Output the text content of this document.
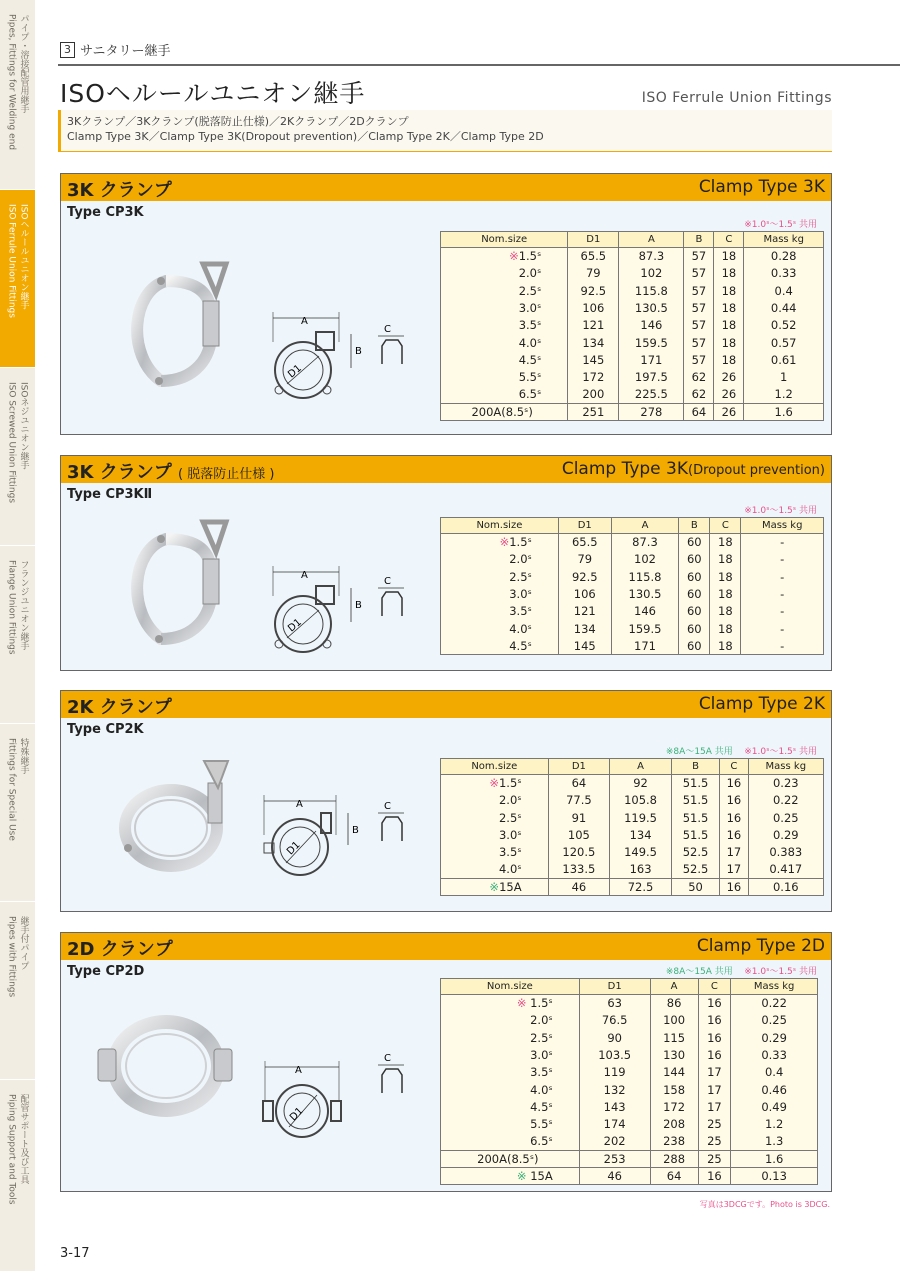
パイプ・溶接配管用継手
Pipes, Fittings for Welding end
ISOヘルールユニオン継手
ISO Ferrule Union Fittings
ISOネジユニオン継手
ISO Screwed Union Fittings
フランジユニオン継手
Flange Union Fittings
特殊継手
Fittings for Special Use
継手付パイプ
Pipes with Fittings
配管サポート及び工具
Piping Support and Tools
3 サニタリー継手
ISOヘルールユニオン継手	ISO Ferrule Union Fittings
3Kクランプ／3Kクランプ(脱落防止仕様)／2Kクランプ／2Dクランプ
Clamp Type 3K／Clamp Type 3K(Dropout prevention)／Clamp Type 2K／Clamp Type 2D
3K クランプ	Clamp Type 3K
Type CP3K
※1.0ˢ〜1.5ˢ 共用
A
D1
B
C
Nom.size	D1	A	B	C	Mass kg
※1.5ˢ	65.5	87.3	57	18	0.28
2.0ˢ	79	102	57	18	0.33
2.5ˢ	92.5	115.8	57	18	0.4
3.0ˢ	106	130.5	57	18	0.44
3.5ˢ	121	146	57	18	0.52
4.0ˢ	134	159.5	57	18	0.57
4.5ˢ	145	171	57	18	0.61
5.5ˢ	172	197.5	62	26	1
6.5ˢ	200	225.5	62	26	1.2
200A(8.5ˢ)	251	278	64	26	1.6
3K クランプ ( 脱落防止仕様 )	Clamp Type 3K(Dropout prevention)
Type CP3KⅡ
※1.0ˢ〜1.5ˢ 共用
A
D1
B
C
Nom.size	D1	A	B	C	Mass kg
※1.5ˢ	65.5	87.3	60	18	-
2.0ˢ	79	102	60	18	-
2.5ˢ	92.5	115.8	60	18	-
3.0ˢ	106	130.5	60	18	-
3.5ˢ	121	146	60	18	-
4.0ˢ	134	159.5	60	18	-
4.5ˢ	145	171	60	18	-
2K クランプ	Clamp Type 2K
Type CP2K
※8A〜15A 共用 ※1.0ˢ〜1.5ˢ 共用
A
D1
B
C
Nom.size	D1	A	B	C	Mass kg
※1.5ˢ	64	92	51.5	16	0.23
2.0ˢ	77.5	105.8	51.5	16	0.22
2.5ˢ	91	119.5	51.5	16	0.25
3.0ˢ	105	134	51.5	16	0.29
3.5ˢ	120.5	149.5	52.5	17	0.383
4.0ˢ	133.5	163	52.5	17	0.417
※15A	46	72.5	50	16	0.16
2D クランプ	Clamp Type 2D
Type CP2D	※8A〜15A 共用 ※1.0ˢ〜1.5ˢ 共用
A
D1
C
Nom.size	D1	A	C	Mass kg
※ 1.5ˢ	63	86	16	0.22
2.0ˢ	76.5	100	16	0.25
2.5ˢ	90	115	16	0.29
3.0ˢ	103.5	130	16	0.33
3.5ˢ	119	144	17	0.4
4.0ˢ	132	158	17	0.46
4.5ˢ	143	172	17	0.49
5.5ˢ	174	208	25	1.2
6.5ˢ	202	238	25	1.3
200A(8.5ˢ)	253	288	25	1.6
※ 15A	46	64	16	0.13
写真は3DCGです。Photo is 3DCG.
3-17
